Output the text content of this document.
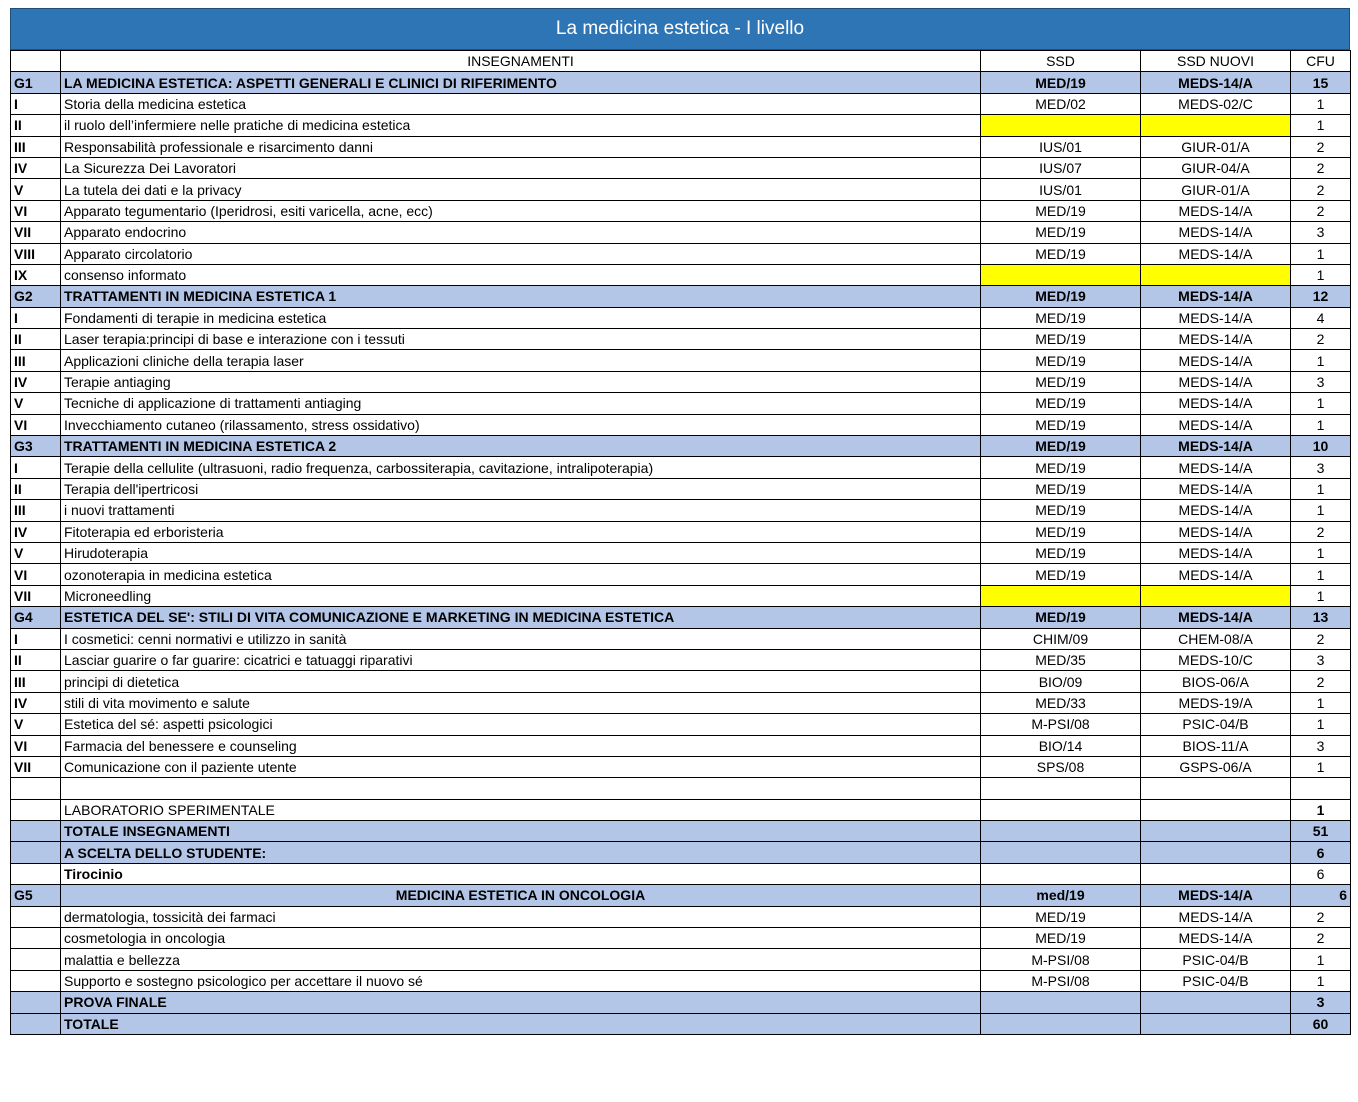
La medicina estetica - I livello
	INSEGNAMENTI	SSD	SSD NUOVI	CFU
G1	LA MEDICINA ESTETICA: ASPETTI GENERALI E CLINICI DI RIFERIMENTO	MED/19	MEDS-14/A	15
I	Storia della medicina estetica	MED/02	MEDS-02/C	1
II	il ruolo dell’infermiere nelle pratiche di medicina estetica			1
III	Responsabilità professionale e risarcimento danni	IUS/01	GIUR-01/A	2
IV	La Sicurezza Dei Lavoratori	IUS/07	GIUR-04/A	2
V	La tutela dei dati e la privacy	IUS/01	GIUR-01/A	2
VI	Apparato tegumentario (Iperidrosi, esiti varicella, acne, ecc)	MED/19	MEDS-14/A	2
VII	Apparato endocrino	MED/19	MEDS-14/A	3
VIII	Apparato circolatorio	MED/19	MEDS-14/A	1
IX	consenso informato			1
G2	TRATTAMENTI IN MEDICINA ESTETICA 1	MED/19	MEDS-14/A	12
I	Fondamenti di terapie in medicina estetica	MED/19	MEDS-14/A	4
II	Laser terapia:principi di base e interazione con i tessuti	MED/19	MEDS-14/A	2
III	Applicazioni cliniche della terapia laser	MED/19	MEDS-14/A	1
IV	Terapie antiaging	MED/19	MEDS-14/A	3
V	Tecniche di applicazione di trattamenti antiaging	MED/19	MEDS-14/A	1
VI	Invecchiamento cutaneo (rilassamento, stress ossidativo)	MED/19	MEDS-14/A	1
G3	TRATTAMENTI IN MEDICINA ESTETICA 2	MED/19	MEDS-14/A	10
I	Terapie della cellulite (ultrasuoni, radio frequenza, carbossiterapia, cavitazione, intralipoterapia)	MED/19	MEDS-14/A	3
II	Terapia dell'ipertricosi	MED/19	MEDS-14/A	1
III	i nuovi trattamenti	MED/19	MEDS-14/A	1
IV	Fitoterapia ed erboristeria	MED/19	MEDS-14/A	2
V	Hirudoterapia	MED/19	MEDS-14/A	1
VI	ozonoterapia in medicina estetica	MED/19	MEDS-14/A	1
VII	Microneedling			1
G4	ESTETICA DEL SE': STILI DI VITA COMUNICAZIONE E MARKETING IN MEDICINA ESTETICA	MED/19	MEDS-14/A	13
I	I cosmetici: cenni normativi e utilizzo in sanità	CHIM/09	CHEM-08/A	2
II	Lasciar guarire o far guarire: cicatrici e tatuaggi riparativi	MED/35	MEDS-10/C	3
III	principi di dietetica	BIO/09	BIOS-06/A	2
IV	stili di vita movimento e salute	MED/33	MEDS-19/A	1
V	Estetica del sé: aspetti psicologici	M-PSI/08	PSIC-04/B	1
VI	Farmacia del benessere e counseling	BIO/14	BIOS-11/A	3
VII	Comunicazione con il paziente utente	SPS/08	GSPS-06/A	1

	LABORATORIO SPERIMENTALE			1
	TOTALE INSEGNAMENTI			51
	A SCELTA DELLO STUDENTE:			6
	Tirocinio			6
G5	MEDICINA ESTETICA IN ONCOLOGIA	med/19	MEDS-14/A	6
	dermatologia, tossicità dei farmaci	MED/19	MEDS-14/A	2
	cosmetologia in oncologia	MED/19	MEDS-14/A	2
	malattia e bellezza	M-PSI/08	PSIC-04/B	1
	Supporto e sostegno psicologico per accettare il nuovo sé	M-PSI/08	PSIC-04/B	1
	PROVA FINALE			3
	TOTALE			60
